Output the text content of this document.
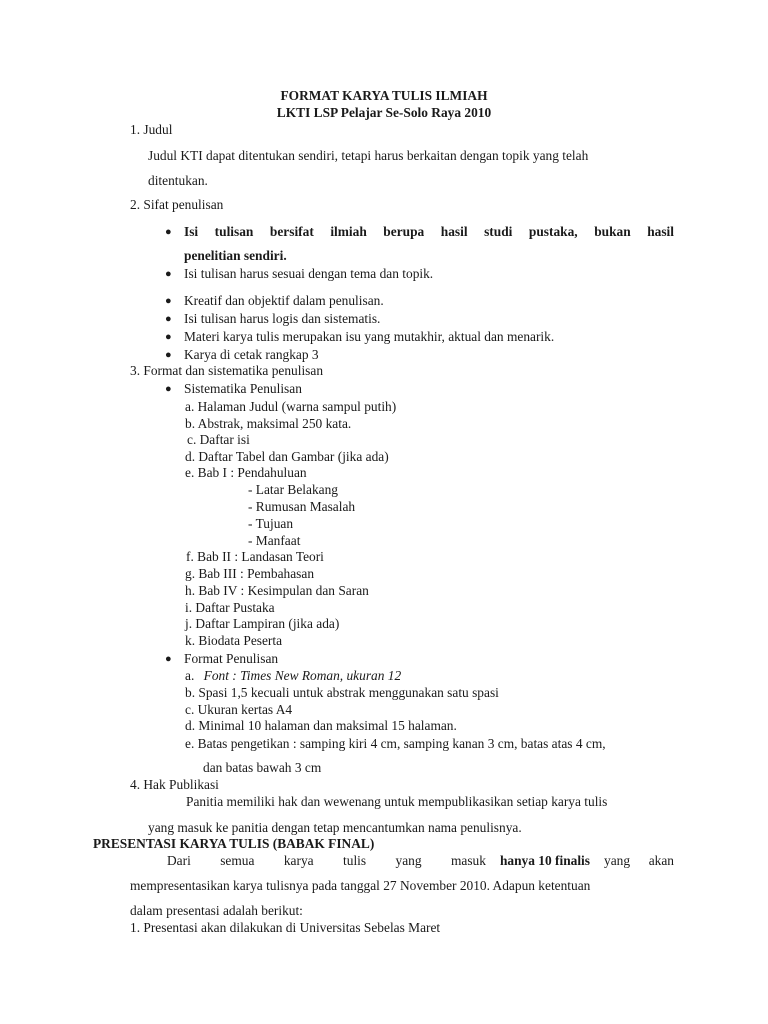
FORMAT KARYA TULIS ILMIAH
LKTI LSP Pelajar Se-Solo Raya 2010
1. Judul
Judul KTI dapat ditentukan sendiri, tetapi harus berkaitan dengan topik yang telah
ditentukan.
2. Sifat penulisan
● Isi tulisan bersifat ilmiah berupa hasil studi pustaka, bukan hasil
penelitian sendiri.
● Isi tulisan harus sesuai dengan tema dan topik.
● Kreatif dan objektif dalam penulisan.
● Isi tulisan harus logis dan sistematis.
● Materi karya tulis merupakan isu yang mutakhir, aktual dan menarik.
● Karya di cetak rangkap 3
3. Format dan sistematika penulisan
● Sistematika Penulisan
a. Halaman Judul (warna sampul putih)
b. Abstrak, maksimal 250 kata.
c. Daftar isi
d. Daftar Tabel dan Gambar (jika ada)
e. Bab I : Pendahuluan
- Latar Belakang
- Rumusan Masalah
- Tujuan
- Manfaat
f. Bab II : Landasan Teori
g. Bab III : Pembahasan
h. Bab IV : Kesimpulan dan Saran
i. Daftar Pustaka
j. Daftar Lampiran (jika ada)
k. Biodata Peserta
● Format Penulisan
a. Font : Times New Roman, ukuran 12
b. Spasi 1,5 kecuali untuk abstrak menggunakan satu spasi
c. Ukuran kertas A4
d. Minimal 10 halaman dan maksimal 15 halaman.
e. Batas pengetikan : samping kiri 4 cm, samping kanan 3 cm, batas atas 4 cm,
dan batas bawah 3 cm
4. Hak Publikasi
Panitia memiliki hak dan wewenang untuk mempublikasikan setiap karya tulis
yang masuk ke panitia dengan tetap mencantumkan nama penulisnya.
PRESENTASI KARYA TULIS (BABAK FINAL)
Dari semua karya tulis yang masuk hanya 10 finalis yang akan
mempresentasikan karya tulisnya pada tanggal 27 November 2010. Adapun ketentuan
dalam presentasi adalah berikut:
1. Presentasi akan dilakukan di Universitas Sebelas Maret
